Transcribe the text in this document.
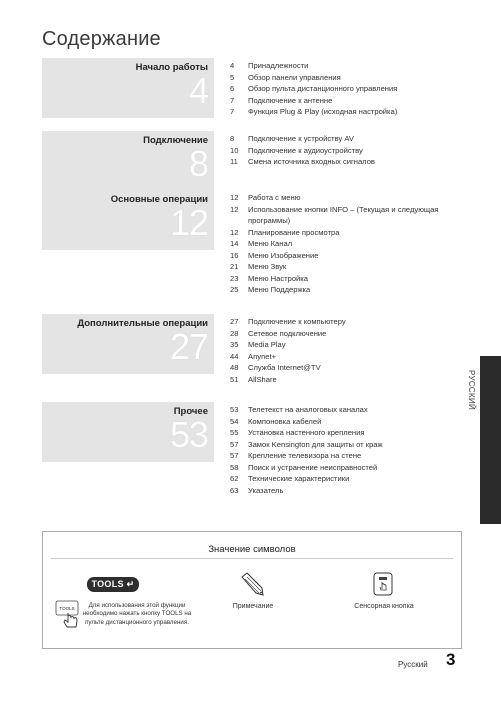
Содержание
Начало работы
4
4	Принадлежности
5	Обзор панели управления
6	Обзор пульта дистанционного управления
7	Подключение к антенне
7	Функция Plug & Play (исходная настройка)
Подключение
8
8	Подключение к устройству AV
10	Подключение к аудиоустройству
11	Смена источника входных сигналов
Основные операции
12
12	Работа с меню
12	Использование кнопки INFO – (Текущая и следующая программы)
12	Планирование просмотра
14	Меню Канал
16	Меню Изображение
21	Меню Звук
23	Меню Настройка
25	Меню Поддержка
Дополнительные операции
27
27	Подключение к компьютеру
28	Сетевое подключение
35	Media Play
44	Anynet+
48	Служба Internet@TV
51	AllShare
Прочее
53
53	Телетекст на аналоговых каналах
54	Компоновка кабелей
55	Установка настенного крепления
57	Замок Kensington для защиты от краж
57	Крепление телевизора на стене
58	Поиск и устранение неисправностей
62	Технические характеристики
63	Указатель
РУССКИЙ
Значение символов
TOOLS ↵
TOOLS	Для использования этой функции необходимо нажать кнопку TOOLS на пульте дистанционного управления.
Примечание	Сенсорная кнопка
Русский 3
